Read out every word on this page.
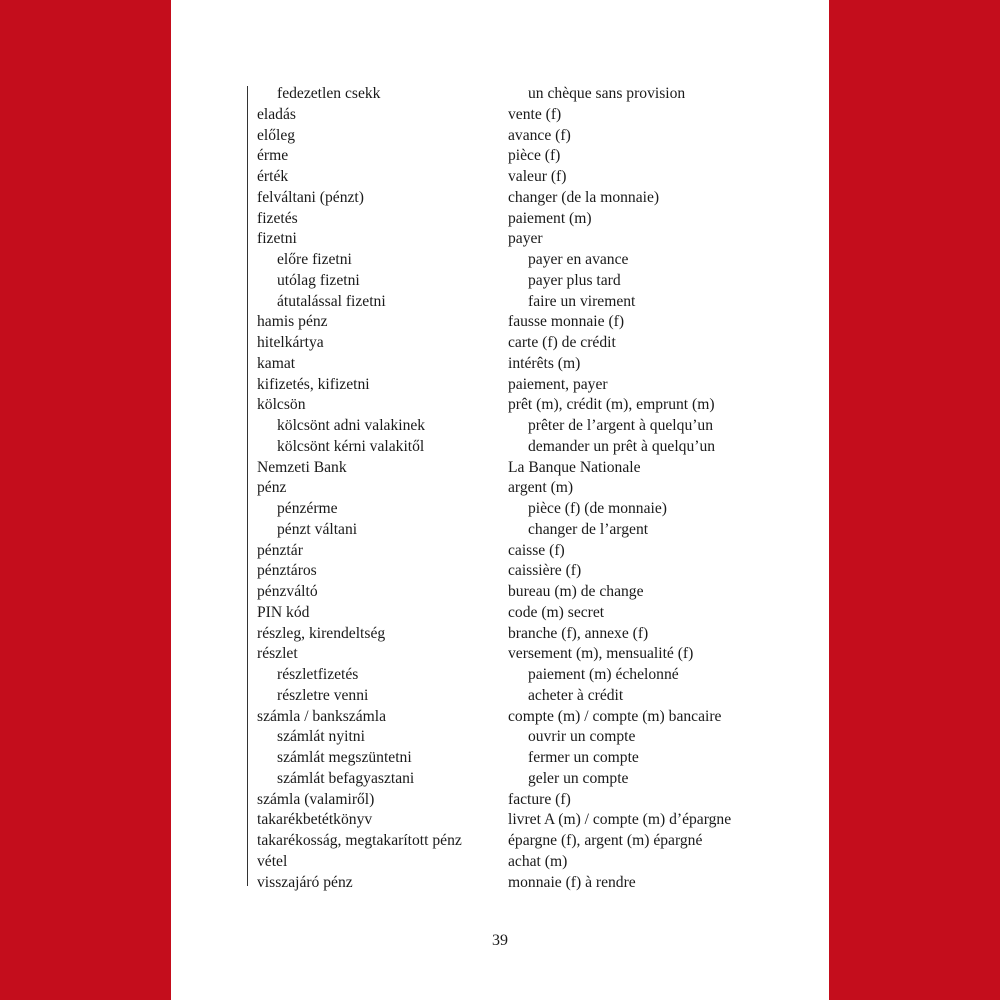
fedezetlen csekk	un chèque sans provision
eladás	vente (f)
előleg	avance (f)
érme	pièce (f)
érték	valeur (f)
felváltani (pénzt)	changer (de la monnaie)
fizetés	paiement (m)
fizetni	payer
előre fizetni	payer en avance
utólag fizetni	payer plus tard
átutalással fizetni	faire un virement
hamis pénz	fausse monnaie (f)
hitelkártya	carte (f) de crédit
kamat	intérêts (m)
kifizetés, kifizetni	paiement, payer
kölcsön	prêt (m), crédit (m), emprunt (m)
kölcsönt adni valakinek	prêter de l’argent à quelqu’un
kölcsönt kérni valakitől	demander un prêt à quelqu’un
Nemzeti Bank	La Banque Nationale
pénz	argent (m)
pénzérme	pièce (f) (de monnaie)
pénzt váltani	changer de l’argent
pénztár	caisse (f)
pénztáros	caissière (f)
pénzváltó	bureau (m) de change
PIN kód	code (m) secret
részleg, kirendeltség	branche (f), annexe (f)
részlet	versement (m), mensualité (f)
részletfizetés	paiement (m) échelonné
részletre venni	acheter à crédit
számla / bankszámla	compte (m) / compte (m) bancaire
számlát nyitni	ouvrir un compte
számlát megszüntetni	fermer un compte
számlát befagyasztani	geler un compte
számla (valamiről)	facture (f)
takarékbetétkönyv	livret A (m) / compte (m) d’épargne
takarékosság, megtakarított pénz	épargne (f), argent (m) épargné
vétel	achat (m)
visszajáró pénz	monnaie (f) à rendre
39
